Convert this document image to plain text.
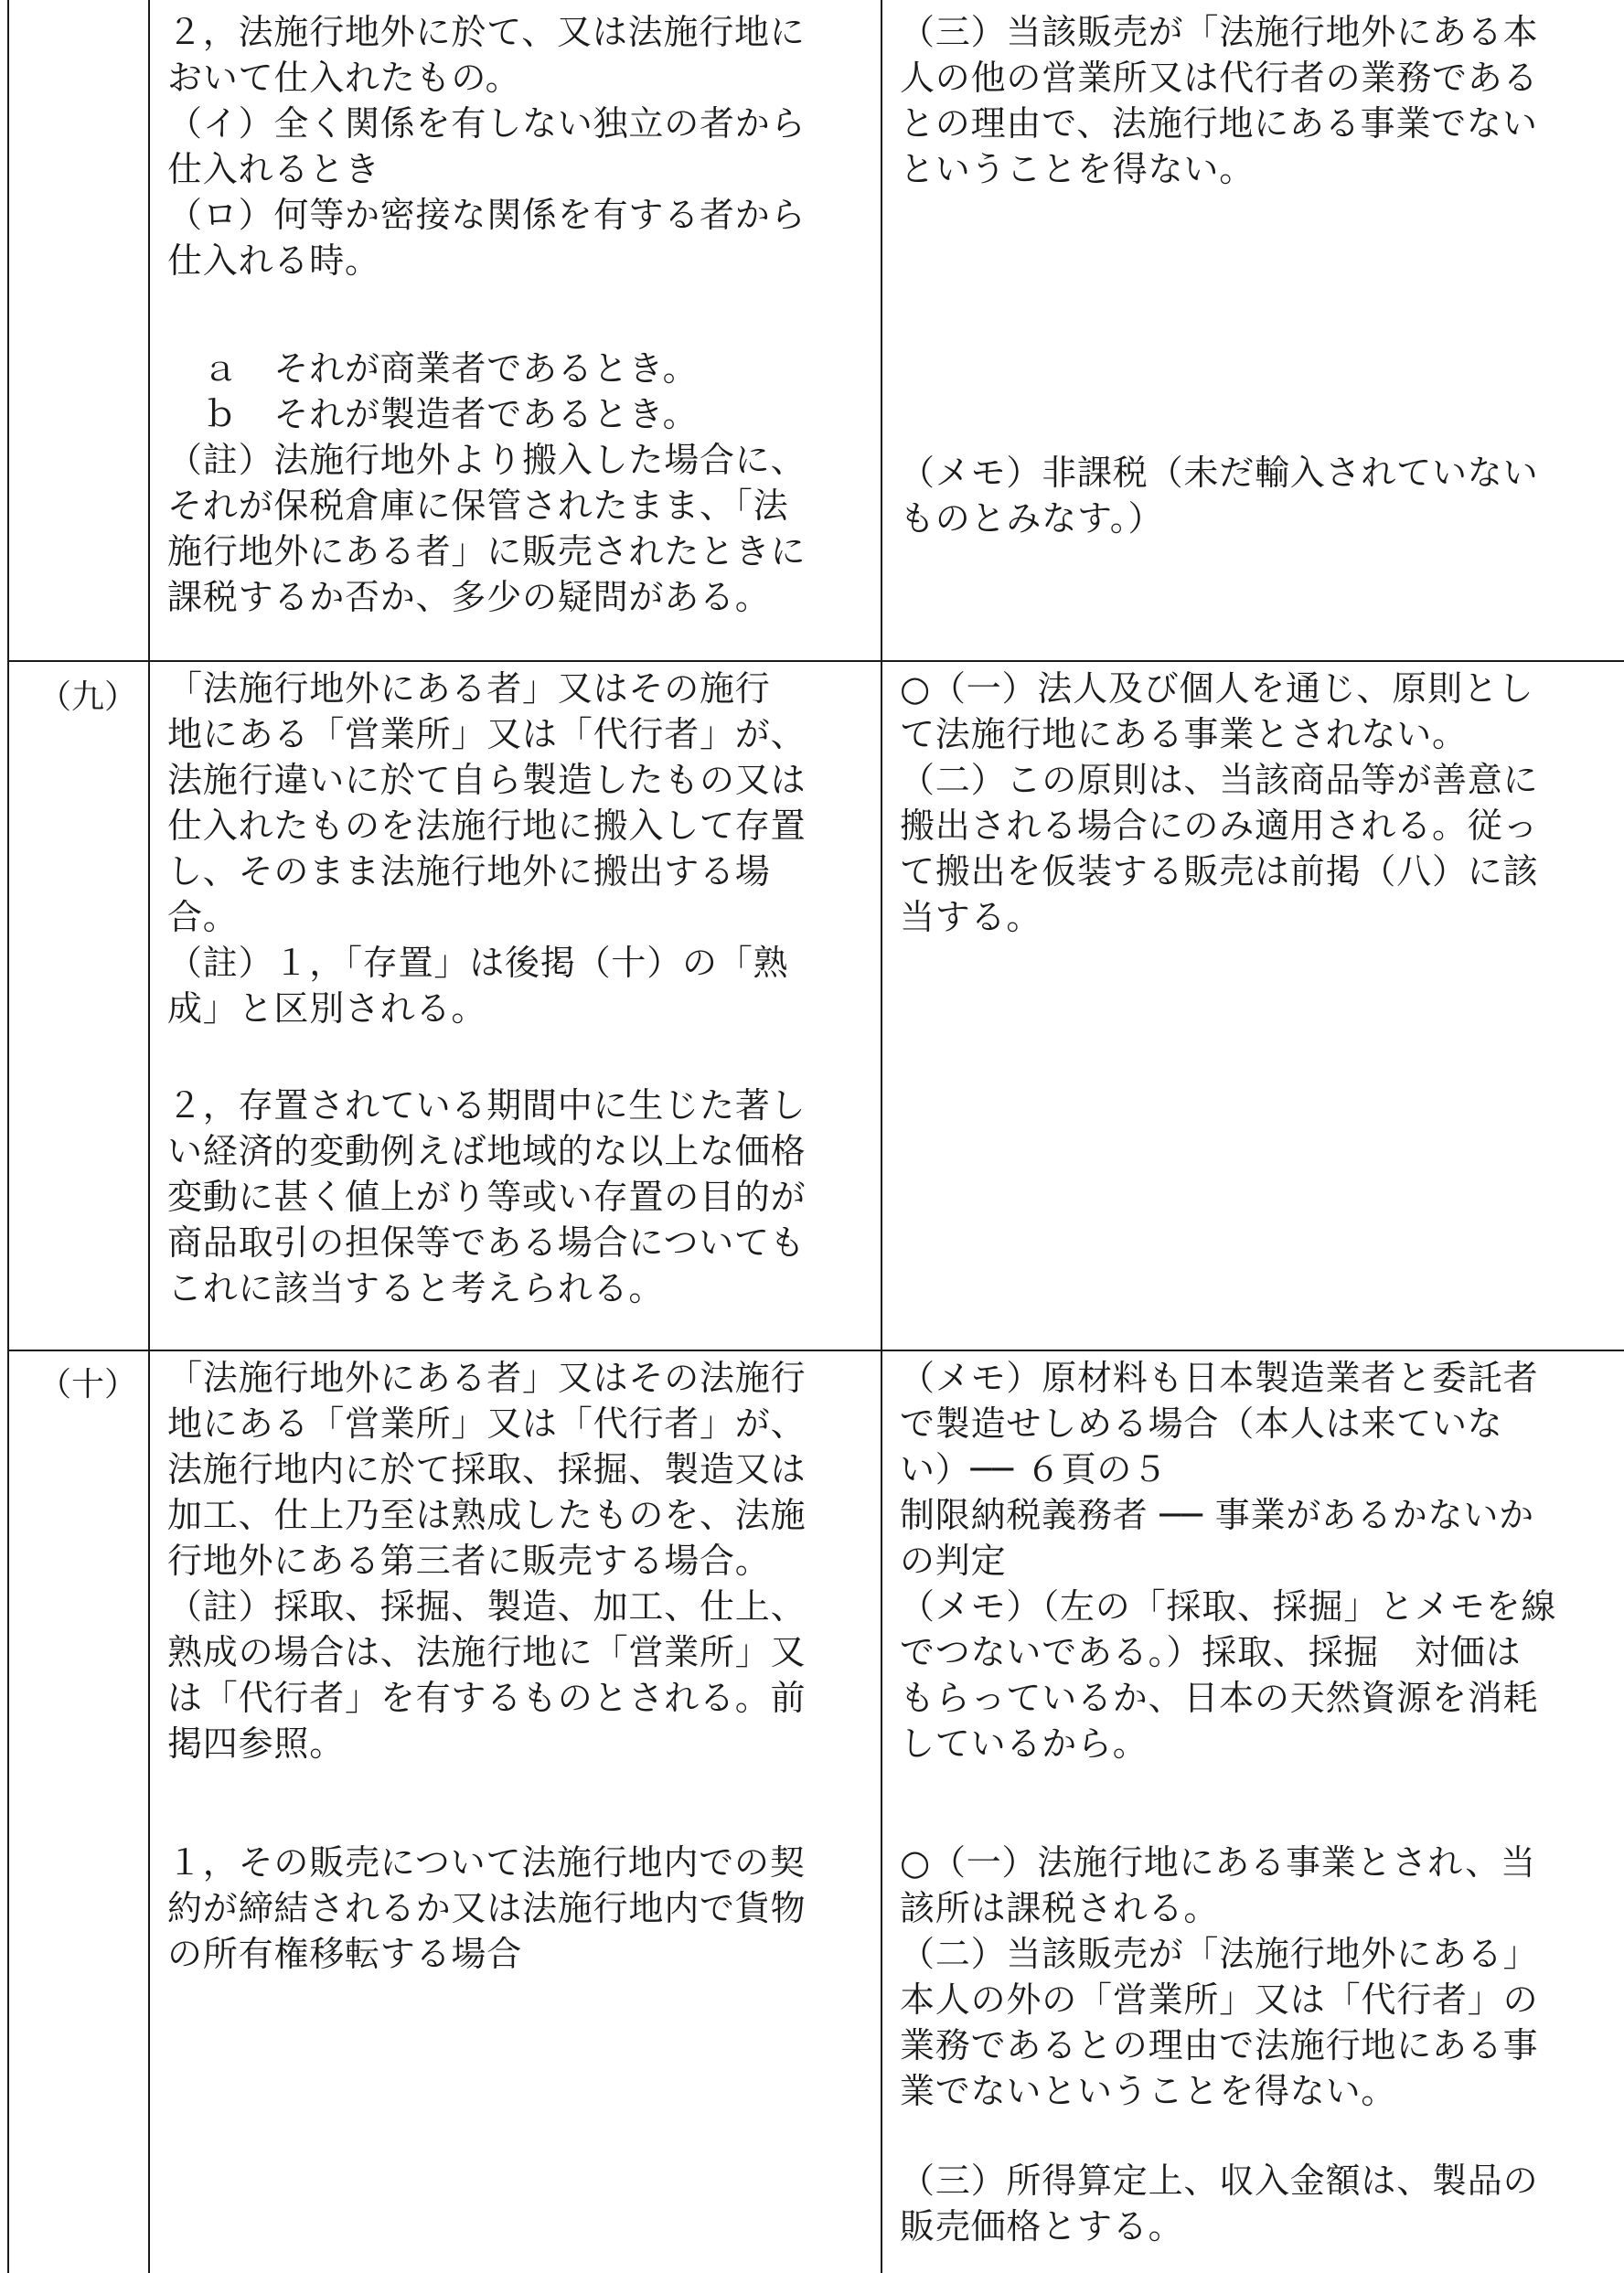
（九）
（十）

２，法施行地外に於て、又は法施行地に
おいて仕入れたもの。
（イ）全く関係を有しない独立の者から
仕入れるとき
（ロ）何等か密接な関係を有する者から
仕入れる時。

　ａ　それが商業者であるとき。
　ｂ　それが製造者であるとき。
（註）法施行地外より搬入した場合に、
それが保税倉庫に保管されたまま、「法
施行地外にある者」に販売されたときに
課税するか否か、多少の疑問がある。

（三）当該販売が「法施行地外にある本
人の他の営業所又は代行者の業務である
との理由で、法施行地にある事業でない
ということを得ない。

（メモ）非課税（未だ輸入されていない
ものとみなす。）

「法施行地外にある者」又はその施行
地にある「営業所」又は「代行者」が、
法施行違いに於て自ら製造したもの又は
仕入れたものを法施行地に搬入して存置
し、そのまま法施行地外に搬出する場
合。
（註）１，「存置」は後掲（十）の「熟
成」と区別される。

２，存置されている期間中に生じた著し
い経済的変動例えば地域的な以上な価格
変動に甚く値上がり等或い存置の目的が
商品取引の担保等である場合についても
これに該当すると考えられる。

○（一）法人及び個人を通じ、原則とし
て法施行地にある事業とされない。
（二）この原則は、当該商品等が善意に
搬出される場合にのみ適用される。従っ
て搬出を仮装する販売は前掲（八）に該
当する。

「法施行地外にある者」又はその法施行
地にある「営業所」又は「代行者」が、
法施行地内に於て採取、採掘、製造又は
加工、仕上乃至は熟成したものを、法施
行地外にある第三者に販売する場合。
（註）採取、採掘、製造、加工、仕上、
熟成の場合は、法施行地に「営業所」又
は「代行者」を有するものとされる。前
掲四参照。

１，その販売について法施行地内での契
約が締結されるか又は法施行地内で貨物
の所有権移転する場合

（メモ）原材料も日本製造業者と委託者
で製造せしめる場合（本人は来ていな
い）── ６頁の５
制限納税義務者 ── 事業があるかないか
の判定
（メモ）（左の「採取、採掘」とメモを線
でつないである。）採取、採掘　対価は
もらっているか、日本の天然資源を消耗
しているから。

○（一）法施行地にある事業とされ、当
該所は課税される。
（二）当該販売が「法施行地外にある」
本人の外の「営業所」又は「代行者」の
業務であるとの理由で法施行地にある事
業でないということを得ない。

（三）所得算定上、収入金額は、製品の
販売価格とする。
